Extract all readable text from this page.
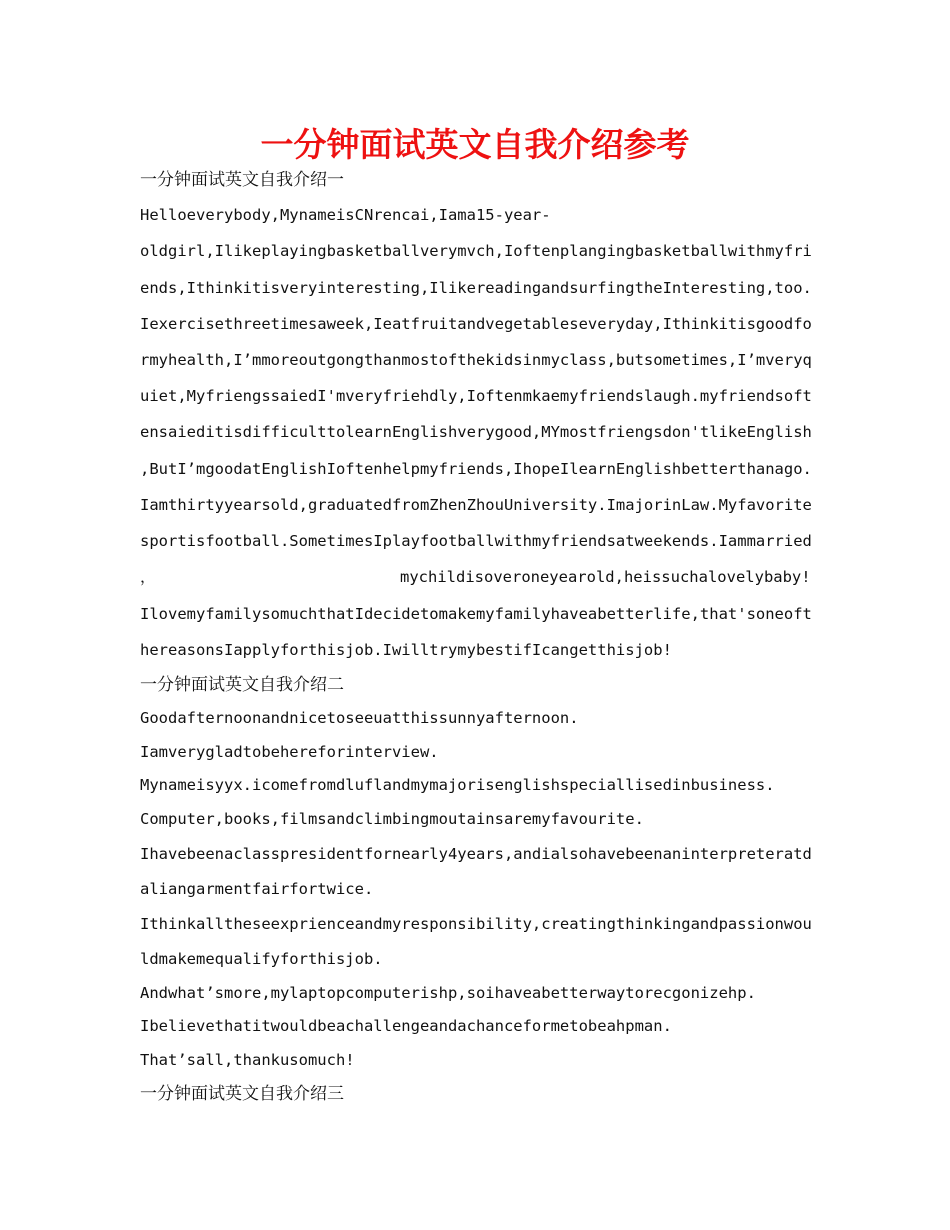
一分钟面试英文自我介绍参考
一分钟面试英文自我介绍一
Helloeverybody,MynameisCNrencai,Iama15-year-
oldgirl,Ilikeplayingbasketballverymvch,Ioftenplangingbasketballwithmyfri
ends,Ithinkitisveryinteresting,IlikereadingandsurfingtheInteresting,too.
Iexercisethreetimesaweek,Ieatfruitandvegetableseveryday,Ithinkitisgoodfo
rmyhealth,I’mmoreoutgongthanmostofthekidsinmyclass,butsometimes,I’mveryq
uiet,MyfriengssaiedI'mveryfriehdly,Ioftenmkaemyfriendslaugh.myfriendsoft
ensaieditisdifficulttolearnEnglishverygood,MYmostfriengsdon'tlikeEnglish
,ButI’mgoodatEnglishIoftenhelpmyfriends,IhopeIlearnEnglishbetterthanago.
Iamthirtyyearsold,graduatedfromZhenZhouUniversity.ImajorinLaw.Myfavorite
sportisfootball.SometimesIplayfootballwithmyfriendsatweekends.Iammarried
，	mychildisoveroneyearold,heissuchalovelybaby!
IlovemyfamilysomuchthatIdecidetomakemyfamilyhaveabetterlife,that'soneoft
hereasonsIapplyforthisjob.IwilltrymybestifIcangetthisjob!
一分钟面试英文自我介绍二
Goodafternoonandnicetoseeuatthissunnyafternoon.
Iamverygladtobehereforinterview.
Mynameisyyx.icomefromdluflandmymajorisenglishspeciallisedinbusiness.
Computer,books,filmsandclimbingmoutainsaremyfavourite.
Ihavebeenaclasspresidentfornearly4years,andialsohavebeenaninterpreteratd
aliangarmentfairfortwice.
Ithinkalltheseexprienceandmyresponsibility,creatingthinkingandpassionwou
ldmakemequalifyforthisjob.
Andwhat’smore,mylaptopcomputerishp,soihaveabetterwaytorecgonizehp.
Ibelievethatitwouldbeachallengeandachanceformetobeahpman.
That’sall,thankusomuch!
一分钟面试英文自我介绍三
